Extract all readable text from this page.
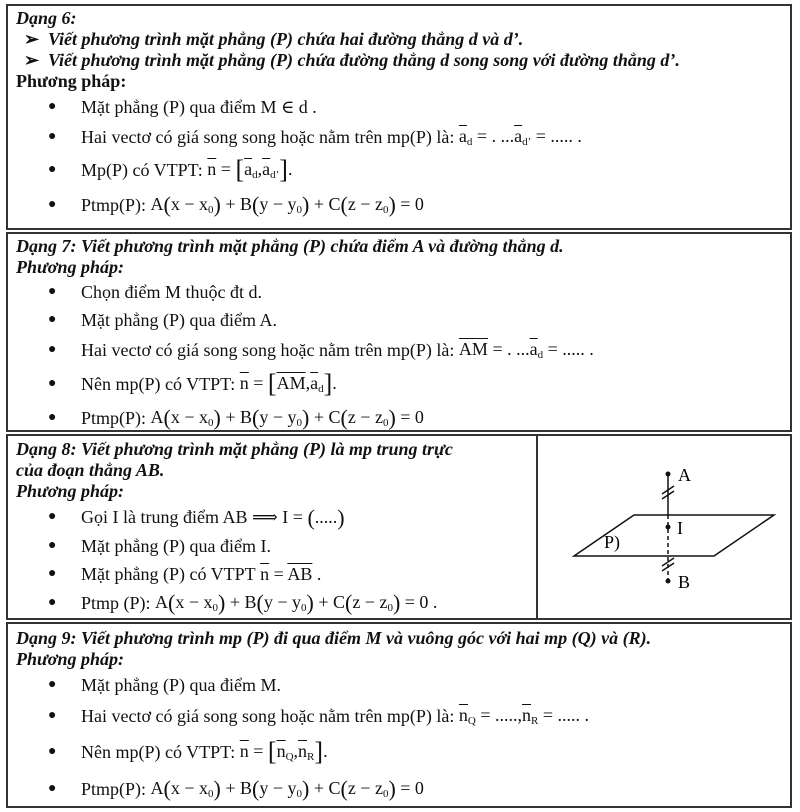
Dạng 6:
➢ Viết phương trình mặt phẳng (P) chứa hai đường thẳng d và d’.
➢ Viết phương trình mặt phẳng (P) chứa đường thẳng d song song với đường thẳng d’.
Phương pháp:
●	Mặt phẳng (P) qua điểm
M ∈ d .
●	Hai vectơ có giá song song hoặc nằm trên mp(P) là:
$\overline{a}_d$ = . $...\overline{a}_{d’}$ = ..... .
●	Mp(P) có VTPT:
$\overline{n} = [\overline{a}_d,\overline{a}_{d’}]$.
●	Ptmp(P):
$A(x - x_0) + B(y - y_0) + C(z - z_0) = 0$
Dạng 7: Viết phương trình mặt phẳng (P) chứa điểm A và đường thẳng d.
Phương pháp:
●	Chọn điểm M thuộc đt d.
●	Mặt phẳng (P) qua điểm A.
●	Hai vectơ có giá song song hoặc nằm trên mp(P) là:
$\overline{AM}$ = . $...\overline{a}_d$ = ..... .
●	Nên mp(P) có VTPT:
$\overline{n} = [\overline{AM},\overline{a}_d]$.
●	Ptmp(P):
$A(x - x_0) + B(y - y_0) + C(z - z_0) = 0$
Dạng 8: Viết phương trình mặt phẳng (P) là mp trung trực
của đoạn thẳng AB.
Phương pháp:
●	Gọi I là trung điểm AB ⟹ I = (.....)
●	Mặt phẳng (P) qua điểm I.
●	Mặt phẳng (P) có VTPT
$\overline{n} = \overline{AB}$ .
●	Ptmp (P):
$A(x - x_0) + B(y - y_0) + C(z - z_0) = 0$ .
A
I
B
P)
Dạng 9: Viết phương trình mp (P) đi qua điểm M và vuông góc với hai mp (Q) và (R).
Phương pháp:
●	Mặt phẳng (P) qua điểm M.
●	Hai vectơ có giá song song hoặc nằm trên mp(P) là:
$\overline{n}_Q = .....,\overline{n}_R$ = ..... .
●	Nên mp(P) có VTPT:
$\overline{n} = [\overline{n}_Q,\overline{n}_R]$.
●	Ptmp(P):
$A(x - x_0) + B(y - y_0) + C(z - z_0) = 0$
